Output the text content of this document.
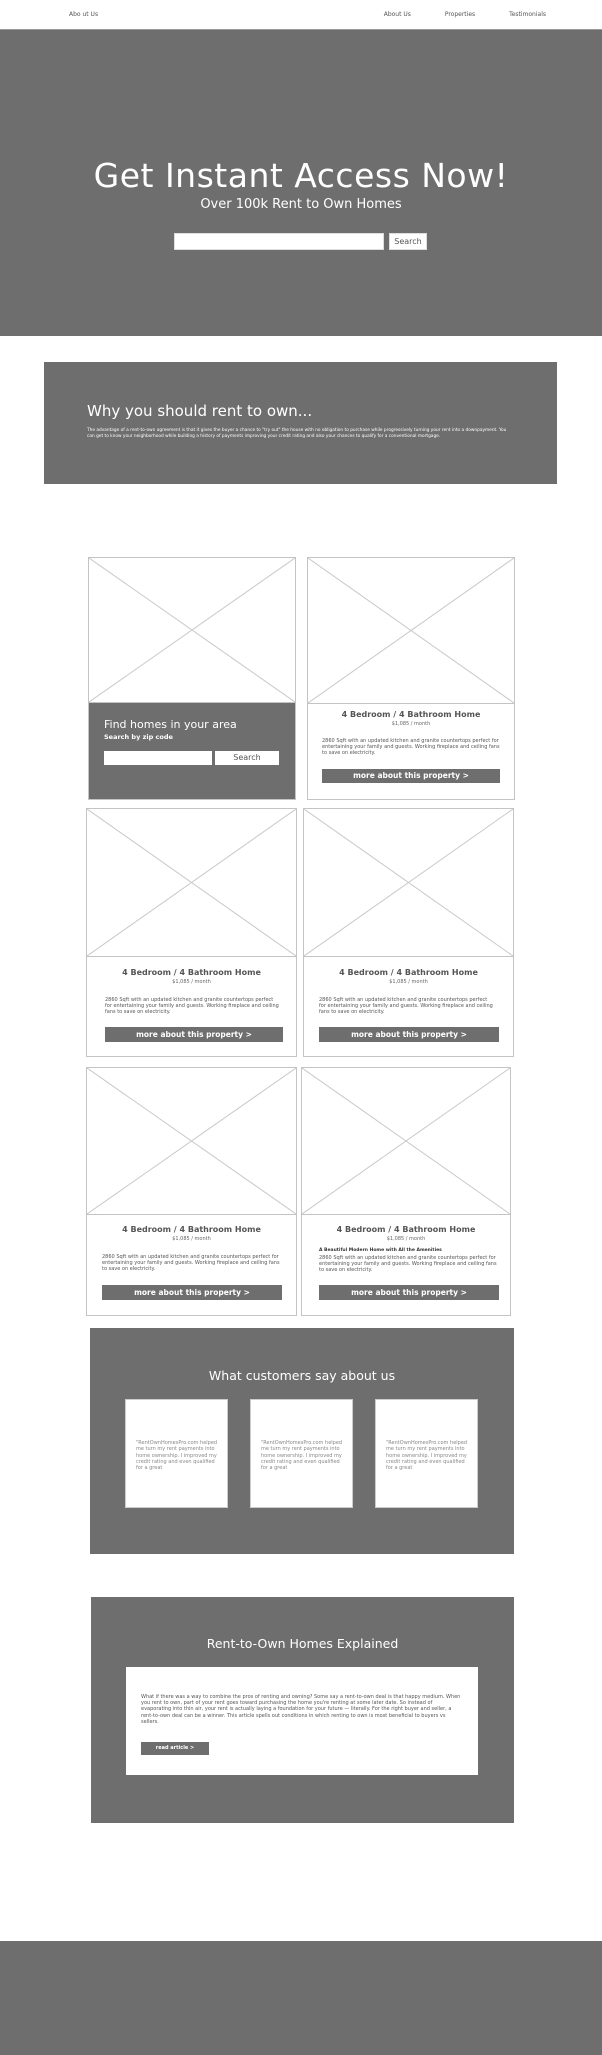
Abo ut Us	About Us	Properties	Testimonials
Get Instant Access Now!
Over 100k Rent to Own Homes
Search
Why you should rent to own...

The advantage of a rent-to-own agreement is that it gives the buyer a chance to "try out" the house with no obligation to purchase while progressively turning your rent into a downpayment. You can get to know your neighborhood while building a history of payments improving your credit rating and also your chances to qualify for a conventional mortgage.

Find homes in your area
Search by zip code
Search
4 Bedroom / 4 Bathroom Home
$1,085 / month
2860 Sqft with an updated kitchen and granite countertops perfect for entertaining your family and guests. Working fireplace and ceiling fans to save on electricity.
more about this property >
4 Bedroom / 4 Bathroom Home
$1,085 / month
2860 Sqft with an updated kitchen and granite countertops perfect for entertaining your family and guests. Working fireplace and ceiling fans to save on electricity.
more about this property >
4 Bedroom / 4 Bathroom Home
$1,085 / month
2860 Sqft with an updated kitchen and granite countertops perfect for entertaining your family and guests. Working fireplace and ceiling fans to save on electricity.
more about this property >
4 Bedroom / 4 Bathroom Home
$1,085 / month
2860 Sqft with an updated kitchen and granite countertops perfect for entertaining your family and guests. Working fireplace and ceiling fans to save on electricity.
more about this property >
4 Bedroom / 4 Bathroom Home
$1,085 / month
A Beautiful Modern Home with All the Amenities
2860 Sqft with an updated kitchen and granite countertops perfect for entertaining your family and guests. Working fireplace and ceiling fans to save on electricity.
more about this property >
What customers say about us

"RentOwnHomesPro.com helped me turn my rent payments into home ownership. I improved my credit rating and even qualified for a great

"RentOwnHomesPro.com helped me turn my rent payments into home ownership. I improved my credit rating and even qualified for a great

"RentOwnHomesPro.com helped me turn my rent payments into home ownership. I improved my credit rating and even qualified for a great

Rent-to-Own Homes Explained

What if there was a way to combine the pros of renting and owning? Some say a rent-to-own deal is that happy medium. When you rent to own, part of your rent goes toward purchasing the home you're renting at some later date. So instead of evaporating into thin air, your rent is actually laying a foundation for your future — literally. For the right buyer and seller, a rent-to-own deal can be a winner. This article spells out conditions in which renting to own is most beneficial to buyers vs sellers.

read article >
